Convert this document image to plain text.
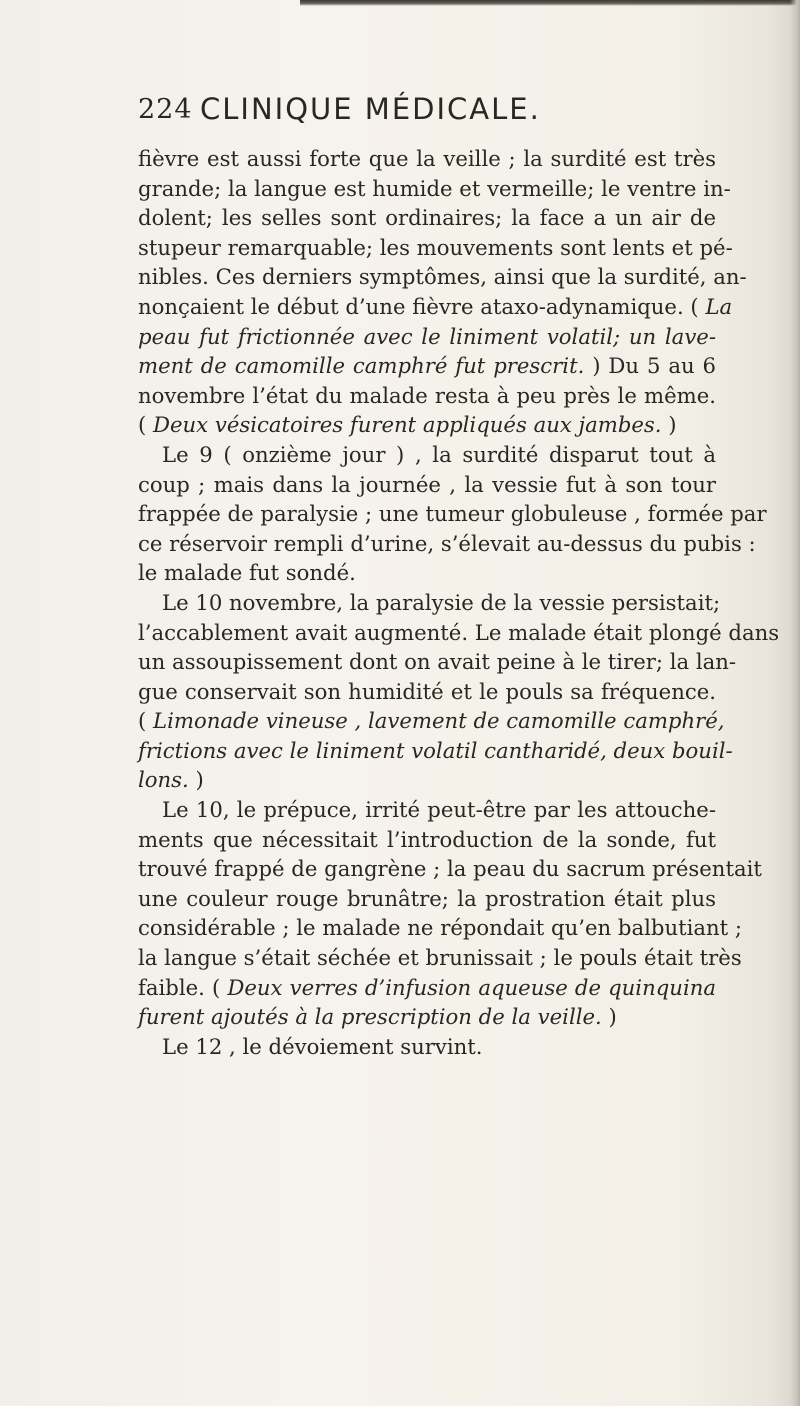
224 CLINIQUE MÉDICALE.
fièvre est aussi forte que la veille ; la surdité est très
grande; la langue est humide et vermeille; le ventre in-
dolent; les selles sont ordinaires; la face a un air de
stupeur remarquable; les mouvements sont lents et pé-
nibles. Ces derniers symptômes, ainsi que la surdité, an-
nonçaient le début d’une fièvre ataxo-adynamique. ( La
peau fut frictionnée avec le liniment volatil; un lave-
ment de camomille camphré fut prescrit. ) Du 5 au 6
novembre l’état du malade resta à peu près le même.
( Deux vésicatoires furent appliqués aux jambes. )
Le 9 ( onzième jour ) , la surdité disparut tout à
coup ; mais dans la journée , la vessie fut à son tour
frappée de paralysie ; une tumeur globuleuse , formée par
ce réservoir rempli d’urine, s’élevait au-dessus du pubis :
le malade fut sondé.
Le 10 novembre, la paralysie de la vessie persistait;
l’accablement avait augmenté. Le malade était plongé dans
un assoupissement dont on avait peine à le tirer; la lan-
gue conservait son humidité et le pouls sa fréquence.
( Limonade vineuse , lavement de camomille camphré,
frictions avec le liniment volatil cantharidé, deux bouil-
lons. )
Le 10, le prépuce, irrité peut-être par les attouche-
ments que nécessitait l’introduction de la sonde, fut
trouvé frappé de gangrène ; la peau du sacrum présentait
une couleur rouge brunâtre; la prostration était plus
considérable ; le malade ne répondait qu’en balbutiant ;
la langue s’était séchée et brunissait ; le pouls était très
faible. ( Deux verres d’infusion aqueuse de quinquina
furent ajoutés à la prescription de la veille. )
Le 12 , le dévoiement survint.
